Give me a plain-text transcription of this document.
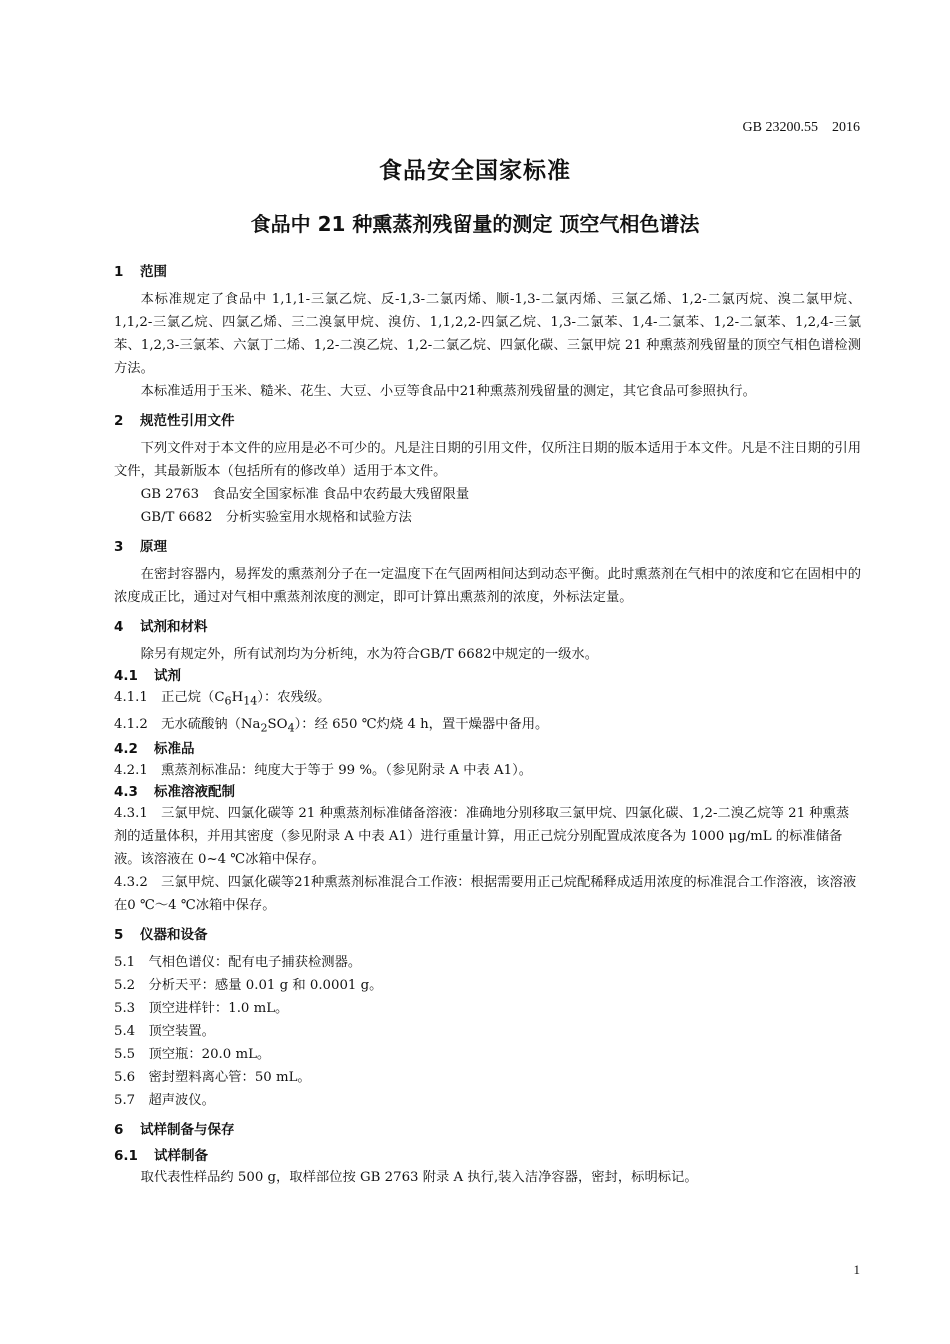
GB 23200.55　2016
食品安全国家标准
食品中 21 种熏蒸剂残留量的测定 顶空气相色谱法
1 范围

本标准规定了食品中 1,1,1-三氯乙烷、反-1,3-二氯丙烯、顺-1,3-二氯丙烯、三氯乙烯、1,2-二氯丙烷、溴二氯甲烷、1,1,2-三氯乙烷、四氯乙烯、三二溴氯甲烷、溴仿、1,1,2,2-四氯乙烷、1,3-二氯苯、1,4-二氯苯、1,2-二氯苯、1,2,4-三氯苯、1,2,3-三氯苯、六氯丁二烯、1,2-二溴乙烷、1,2-二氯乙烷、四氯化碳、三氯甲烷 21 种熏蒸剂残留量的顶空气相色谱检测方法。

本标准适用于玉米、糙米、花生、大豆、小豆等食品中21种熏蒸剂残留量的测定，其它食品可参照执行。

2 规范性引用文件

下列文件对于本文件的应用是必不可少的。凡是注日期的引用文件，仅所注日期的版本适用于本文件。凡是不注日期的引用文件，其最新版本（包括所有的修改单）适用于本文件。

GB 2763　食品安全国家标准 食品中农药最大残留限量

GB/T 6682　分析实验室用水规格和试验方法

3 原理

在密封容器内，易挥发的熏蒸剂分子在一定温度下在气固两相间达到动态平衡。此时熏蒸剂在气相中的浓度和它在固相中的浓度成正比，通过对气相中熏蒸剂浓度的测定，即可计算出熏蒸剂的浓度，外标法定量。

4 试剂和材料

除另有规定外，所有试剂均为分析纯，水为符合GB/T 6682中规定的一级水。

4.1 试剂

4.1.1　 正己烷$(C_6H_{14})$：农残级。

4.1.2　 无水硫酸钠$(Na_2SO_4)$：经 650 ℃灼烧 4 h，置干燥器中备用。

4.2 标准品

4.2.1　 熏蒸剂标准品：纯度大于等于 99 %。（参见附录 A 中表 A1）。

4.3 标准溶液配制

4.3.1　 三氯甲烷、四氯化碳等 21 种熏蒸剂标准储备溶液：准确地分别移取三氯甲烷、四氯化碳、1,2-二溴乙烷等 21 种熏蒸剂的适量体积，并用其密度（参见附录 A 中表 A1）进行重量计算，用正己烷分别配置成浓度各为 1000 μg/mL 的标准储备液。该溶液在 0~4 ℃冰箱中保存。

4.3.2　 三氯甲烷、四氯化碳等21种熏蒸剂标准混合工作液：根据需要用正己烷配稀释成适用浓度的标准混合工作溶液，该溶液在0 ℃～4 ℃冰箱中保存。

5 仪器和设备

5.1　 气相色谱仪：配有电子捕获检测器。

5.2　 分析天平：感量 0.01 g 和 0.0001 g。

5.3　 顶空进样针：1.0 mL。

5.4　 顶空装置。

5.5　 顶空瓶：20.0 mL。

5.6　 密封塑料离心管：50 mL。

5.7　 超声波仪。

6 试样制备与保存
6.1 试样制备

取代表性样品约 500 g，取样部位按 GB 2763 附录 A 执行,装入洁净容器，密封，标明标记。

1
